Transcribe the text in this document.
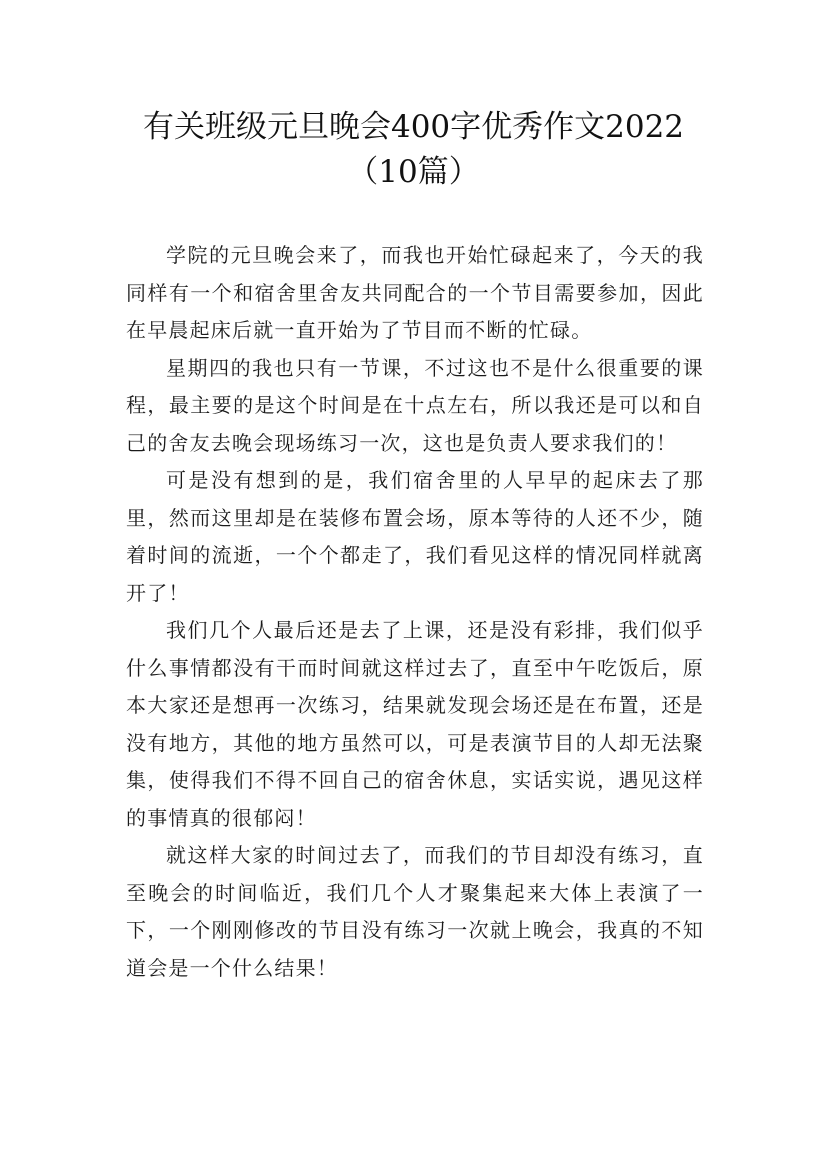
有关班级元旦晚会400字优秀作文2022
（10篇）

学院的元旦晚会来了，而我也开始忙碌起来了，今天的我同样有一个和宿舍里舍友共同配合的一个节目需要参加，因此在早晨起床后就一直开始为了节目而不断的忙碌。

星期四的我也只有一节课，不过这也不是什么很重要的课程，最主要的是这个时间是在十点左右，所以我还是可以和自己的舍友去晚会现场练习一次，这也是负责人要求我们的！

可是没有想到的是，我们宿舍里的人早早的起床去了那里，然而这里却是在装修布置会场，原本等待的人还不少，随着时间的流逝，一个个都走了，我们看见这样的情况同样就离开了！

我们几个人最后还是去了上课，还是没有彩排，我们似乎什么事情都没有干而时间就这样过去了，直至中午吃饭后，原本大家还是想再一次练习，结果就发现会场还是在布置，还是没有地方，其他的地方虽然可以，可是表演节目的人却无法聚集，使得我们不得不回自己的宿舍休息，实话实说，遇见这样的事情真的很郁闷！

就这样大家的时间过去了，而我们的节目却没有练习，直至晚会的时间临近，我们几个人才聚集起来大体上表演了一下，一个刚刚修改的节目没有练习一次就上晚会，我真的不知道会是一个什么结果！
